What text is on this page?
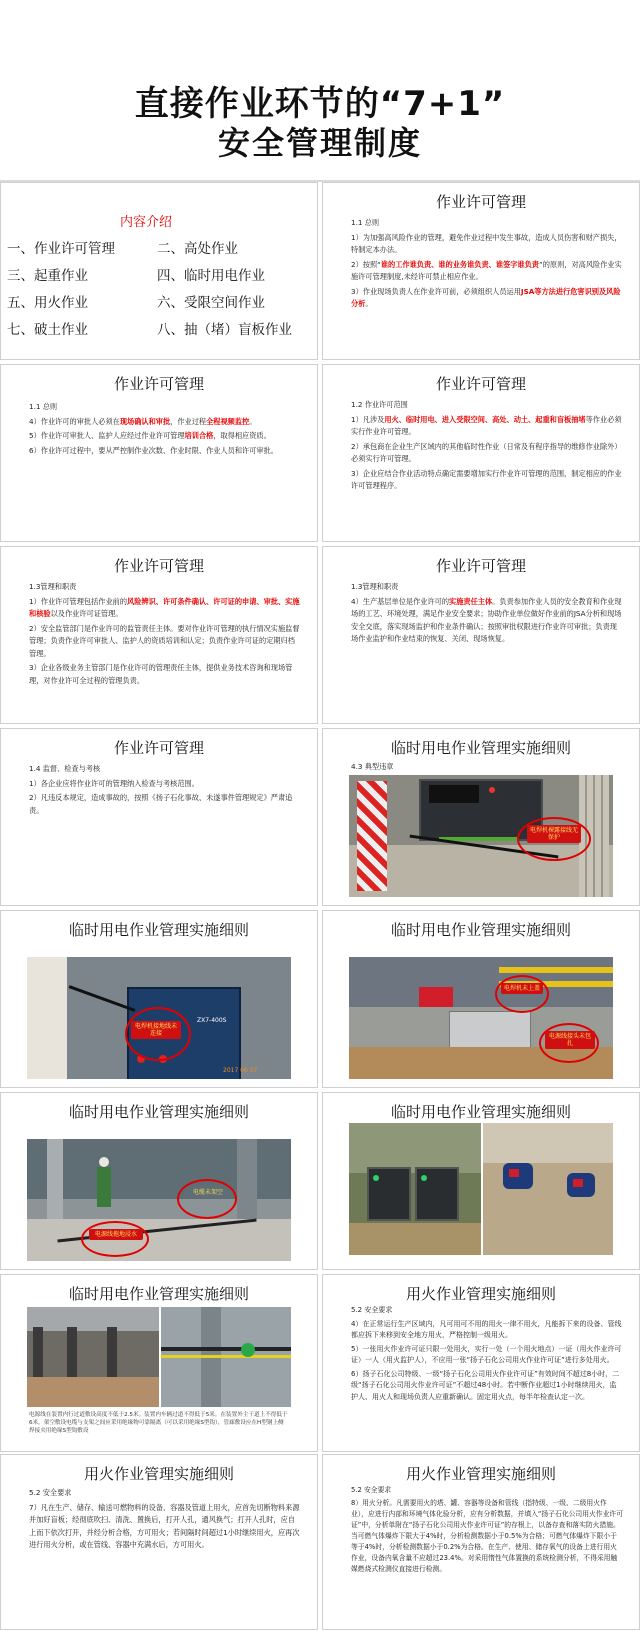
直接作业环节的“7+1”
安全管理制度
内容介绍
一、作业许可管理	二、高处作业
三、起重作业	四、临时用电作业
五、用火作业	六、受限空间作业
七、破土作业	八、抽（堵）盲板作业
作业许可管理

1.1 总则

1）为加强高风险作业的管理，避免作业过程中发生事故，造成人员伤害和财产损失，特制定本办法。

2）按照“谁的工作谁负责、谁的业务谁负责、谁签字谁负责”的原则，对高风险作业实施许可管理制度,未经许可禁止相应作业。

3）作业现场负责人在作业许可前，必须组织人员运用JSA等方法进行危害识别及风险分析。

作业许可管理

1.1 总则

4）作业许可的审批人必须在现场确认和审批，作业过程全程视频监控。

5）作业许可审批人、监护人应经过作业许可管理培训合格，取得相应资质。

6）作业许可过程中，要从严控制作业次数、作业时限、作业人员和许可审批。

作业许可管理

1.2 作业许可范围

1）凡涉及用火、临时用电、进入受限空间、高处、动土、起重和盲板抽堵等作业必须实行作业许可管理。

2）承包商在企业生产区域内的其他临时性作业（日常及有程序指导的维修作业除外）必须实行许可管理。

3）企业应结合作业活动特点确定需要增加实行作业许可管理的范围，制定相应的作业许可管理程序。

作业许可管理

1.3管理和职责

1）作业许可管理包括作业前的风险辨识、许可条件确认、许可证的申请、审批、实施和核验以及作业许可证管理。

2）安全监管部门是作业许可的监管责任主体。要对作业许可管理的执行情况实施监督管理；负责作业许可审批人、监护人的资质培训和认定；负责作业许可证的定期归档管理。

3）企业各级业务主管部门是作业许可的管理责任主体，提供业务技术咨询和现场管理，对作业许可全过程的管理负责。

作业许可管理

1.3管理和职责

4）生产基层单位是作业许可的实施责任主体。负责参加作业人员的安全教育和作业现场的工艺、环境处理，满足作业安全要求；协助作业单位做好作业前的JSA分析和现场安全交底，落实现场监护和作业条件确认；按照审批权限进行作业许可审批；负责现场作业监护和作业结束的恢复、关闭、现场恢复。

作业许可管理

1.4 监督、检查与考核

1）各企业应将作业许可的管理纳入检查与考核范围。

2）凡违反本规定，造成事故的，按照《扬子石化事故、未遂事件管理规定》严肃追责。

临时用电作业管理实施细则

4.3 典型违章

电焊机裸露接线无保护
临时用电作业管理实施细则
ZX7-400S
电焊机接地线未连接
2017 06 07
临时用电作业管理实施细则
电焊机未上盖
电源线接头未包扎
临时用电作业管理实施细则
电缆未架空
电源线拖地浸水
临时用电作业管理实施细则
临时用电作业管理实施细则
电源线在装置内行过道敷设高度不低于2.5米。装置内车辆过道不得低于5米。在装置外主干道上不得低于6米。架空敷设电缆与支架之间应采用绝缘物可靠隔离（可以采用绝缘S型钩），管廊敷设应在H型钢上侧焊接夹用绝缘S型钩敷设
用火作业管理实施细则

5.2 安全要求

4）在正常运行生产区域内，凡可用可不用的用火一律不用火，凡能拆下来的设备、管线都应拆下来移到安全地方用火，严格控制一级用火。

5）一张用火作业许可证只限一处用火，实行一处（一个用火地点）一证（用火作业许可证）一人（用火监护人），不应用一张“扬子石化公司用火作业许可证”进行多处用火。

6）扬子石化公司特级、一级“扬子石化公司用火作业许可证”有效时间不超过8小时，二级“扬子石化公司用火作业许可证”不超过48小时。若中断作业超过1小时继续用火，监护人、用火人和现场负责人应重新确认。固定用火点，每半年检查认定一次。

用火作业管理实施细则

5.2 安全要求

7）凡在生产、储存、输送可燃物料的设备、容器及管道上用火，应首先切断物料来源并加好盲板；经彻底吹扫、清洗、置换后，打开人孔，通风换气；打开人孔时，应自上而下依次打开，并经分析合格，方可用火；若间隔时间超过1小时继续用火，应再次进行用火分析，或在管线、容器中充满水后，方可用火。

用火作业管理实施细则

5.2 安全要求

8）用火分析。凡需要用火的塔、罐、容器等设备和管线（指特级、一级、二级用火作业），应进行内部和环境气体化验分析，应有分析数据，并填入“扬子石化公司用火作业许可证”中，分析单附在“扬子石化公司用火作业许可证”的存根上，以备存查和落实防火措施。当可燃气体爆炸下限大于4%时，分析检测数据小于0.5%为合格；可燃气体爆炸下限小于等于4%时，分析检测数据小于0.2%为合格。在生产、使用、储存氧气的设备上进行用火作业，设备内氧含量不应超过23.4%。对采用惰性气体置换的系统检测分析，不得采用触媒燃烧式检测仪直接进行检测。
